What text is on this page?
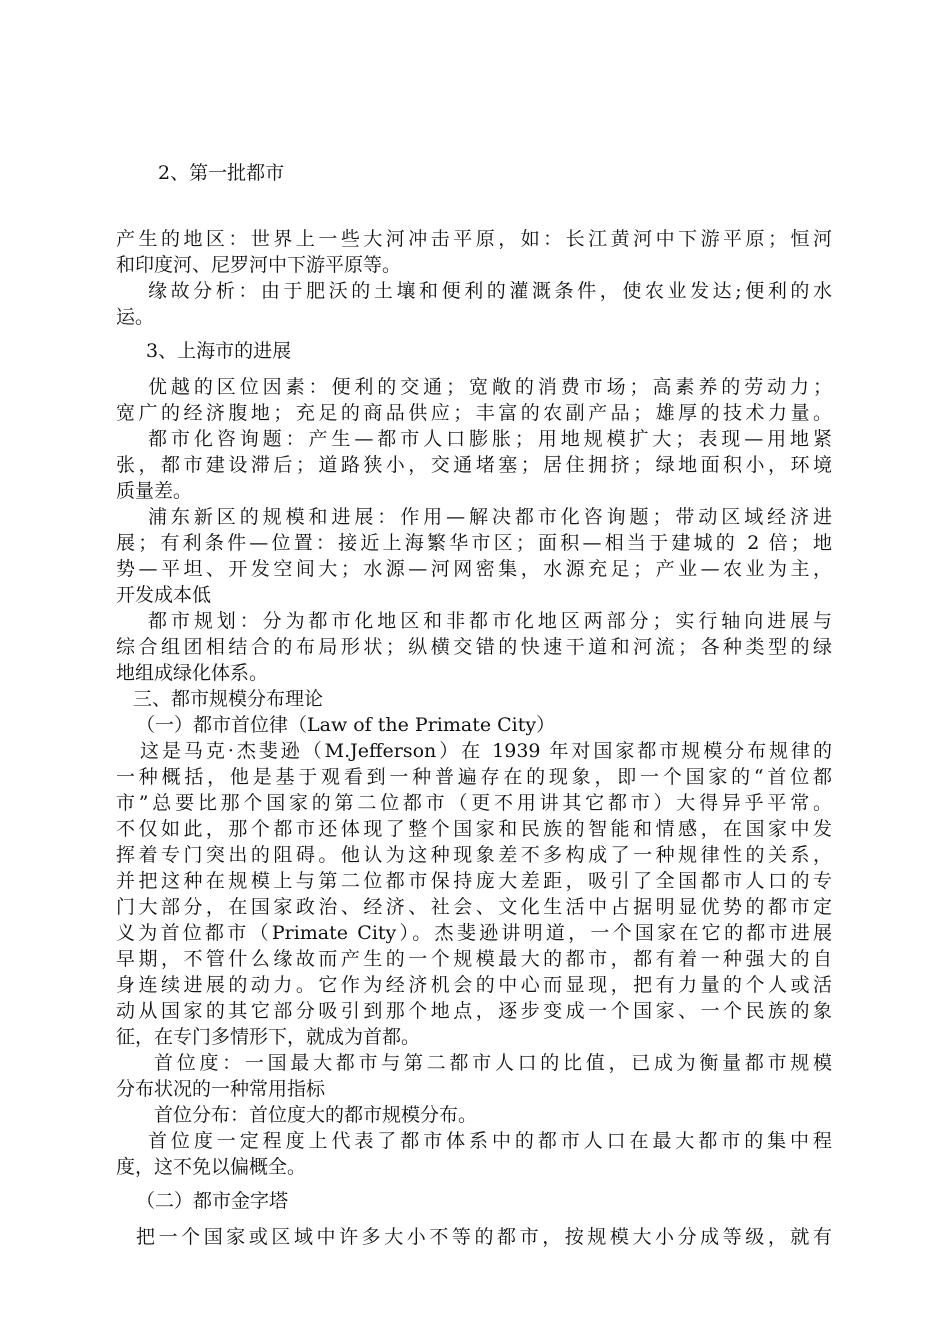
2、第一批都市
产生的地区：世界上一些大河冲击平原，如：长江黄河中下游平原；恒河
和印度河、尼罗河中下游平原等。
缘故分析：由于肥沃的土壤和便利的灌溉条件，使农业发达;便利的水
运。
3、上海市的进展
优越的区位因素：便利的交通；宽敞的消费市场；高素养的劳动力；
宽广的经济腹地；充足的商品供应；丰富的农副产品；雄厚的技术力量。
都市化咨询题：产生—都市人口膨胀；用地规模扩大；表现—用地紧
张，都市建设滞后；道路狭小，交通堵塞；居住拥挤；绿地面积小，环境
质量差。
浦东新区的规模和进展：作用—解决都市化咨询题；带动区域经济进
展；有利条件—位置：接近上海繁华市区；面积—相当于建城的 2 倍；地
势—平坦、开发空间大；水源—河网密集，水源充足；产业—农业为主，
开发成本低
都市规划：分为都市化地区和非都市化地区两部分；实行轴向进展与
综合组团相结合的布局形状；纵横交错的快速干道和河流；各种类型的绿
地组成绿化体系。
三、都市规模分布理论
（一）都市首位律（Law of the Primate City）
这是马克·杰斐逊（M.Jefferson）在 1939 年对国家都市规模分布规律的
一种概括，他是基于观看到一种普遍存在的现象，即一个国家的“首位都
市”总要比那个国家的第二位都市（更不用讲其它都市）大得异乎平常。
不仅如此，那个都市还体现了整个国家和民族的智能和情感，在国家中发
挥着专门突出的阻碍。他认为这种现象差不多构成了一种规律性的关系，
并把这种在规模上与第二位都市保持庞大差距，吸引了全国都市人口的专
门大部分，在国家政治、经济、社会、文化生活中占据明显优势的都市定
义为首位都市（Primate City）。杰斐逊讲明道，一个国家在它的都市进展
早期，不管什么缘故而产生的一个规模最大的都市，都有着一种强大的自
身连续进展的动力。它作为经济机会的中心而显现，把有力量的个人或活
动从国家的其它部分吸引到那个地点，逐步变成一个国家、一个民族的象
征，在专门多情形下，就成为首都。
首位度：一国最大都市与第二都市人口的比值，已成为衡量都市规模
分布状况的一种常用指标
首位分布：首位度大的都市规模分布。
首位度一定程度上代表了都市体系中的都市人口在最大都市的集中程
度，这不免以偏概全。
（二）都市金字塔
把一个国家或区域中许多大小不等的都市，按规模大小分成等级，就有
